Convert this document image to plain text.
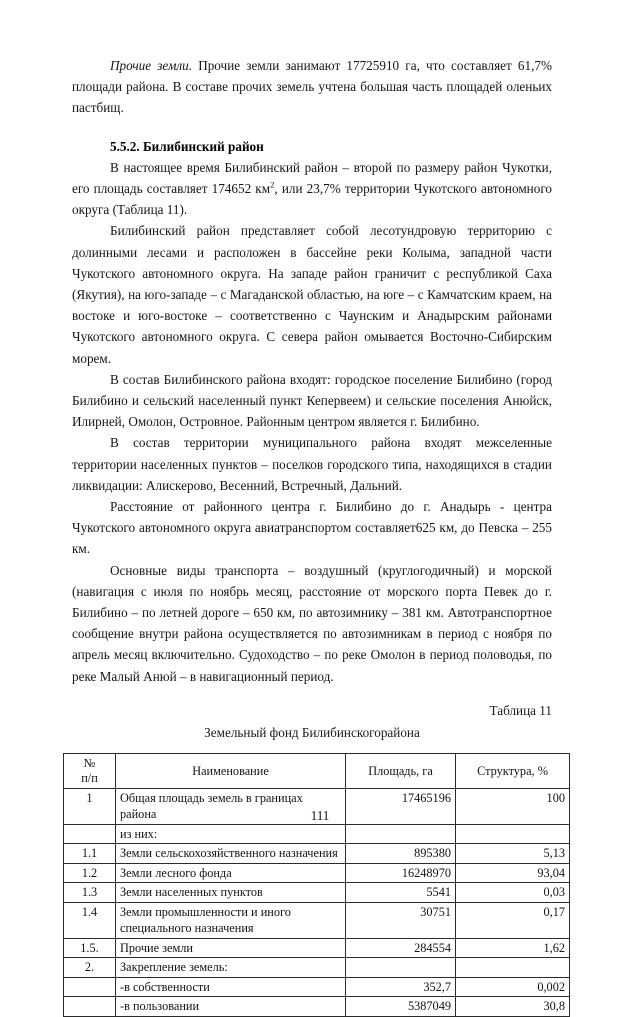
Прочие земли. Прочие земли занимают 17725910 га, что составляет 61,7% площади района. В составе прочих земель учтена большая часть площадей оленьих пастбищ.

5.5.2. Билибинский район

В настоящее время Билибинский район – второй по размеру район Чукотки, его площадь составляет 174652 $км^2$, или 23,7% территории Чукотского автономного округа (Таблица 11).

Билибинский район представляет собой лесотундровую территорию с долинными лесами и расположен в бассейне реки Колыма, западной части Чукотского автономного округа. На западе район граничит с республикой Саха (Якутия), на юго-западе – с Магаданской областью, на юге – с Камчатским краем, на востоке и юго-востоке – соответственно с Чаунским и Анадырским районами Чукотского автономного округа. С севера район омывается Восточно-Сибирским морем.

В состав Билибинского района входят: городское поселение Билибино (город Билибино и сельский населенный пункт Кепервеем) и сельские поселения Анюйск, Илирней, Омолон, Островное. Районным центром является г. Билибино.

В состав территории муниципального района входят межселенные территории населенных пунктов – поселков городского типа, находящихся в стадии ликвидации: Алискерово, Весенний, Встречный, Дальний.

Расстояние от районного центра г. Билибино до г. Анадырь - центра Чукотского автономного округа авиатранспортом составляет625 км, до Певска – 255 км.

Основные виды транспорта – воздушный (круглогодичный) и морской (навигация с июля по ноябрь месяц, расстояние от морского порта Певек до г. Билибино – по летней дороге – 650 км, по автозимнику – 381 км. Автотранспортное сообщение внутри района осуществляется по автозимникам в период с ноября по апрель месяц включительно. Судоходство – по реке Омолон в период половодья, по реке Малый Анюй – в навигационный период.

Таблица 11

Земельный фонд Билибинскогорайона

№
п/п	Наименование	Площадь, га	Структура, %
1	Общая площадь земель в границах района	17465196	100
	из них:		
1.1	Земли сельскохозяйственного назначения	895380	5,13
1.2	Земли лесного фонда	16248970	93,04
1.3	Земли населенных пунктов	5541	0,03
1.4	Земли промышленности и иного специального назначения	30751	0,17
1.5.	Прочие земли	284554	1,62
2.	Закрепление земель:		
	-в собственности	352,7	0,002
	-в пользовании	5387049	30,8
111
